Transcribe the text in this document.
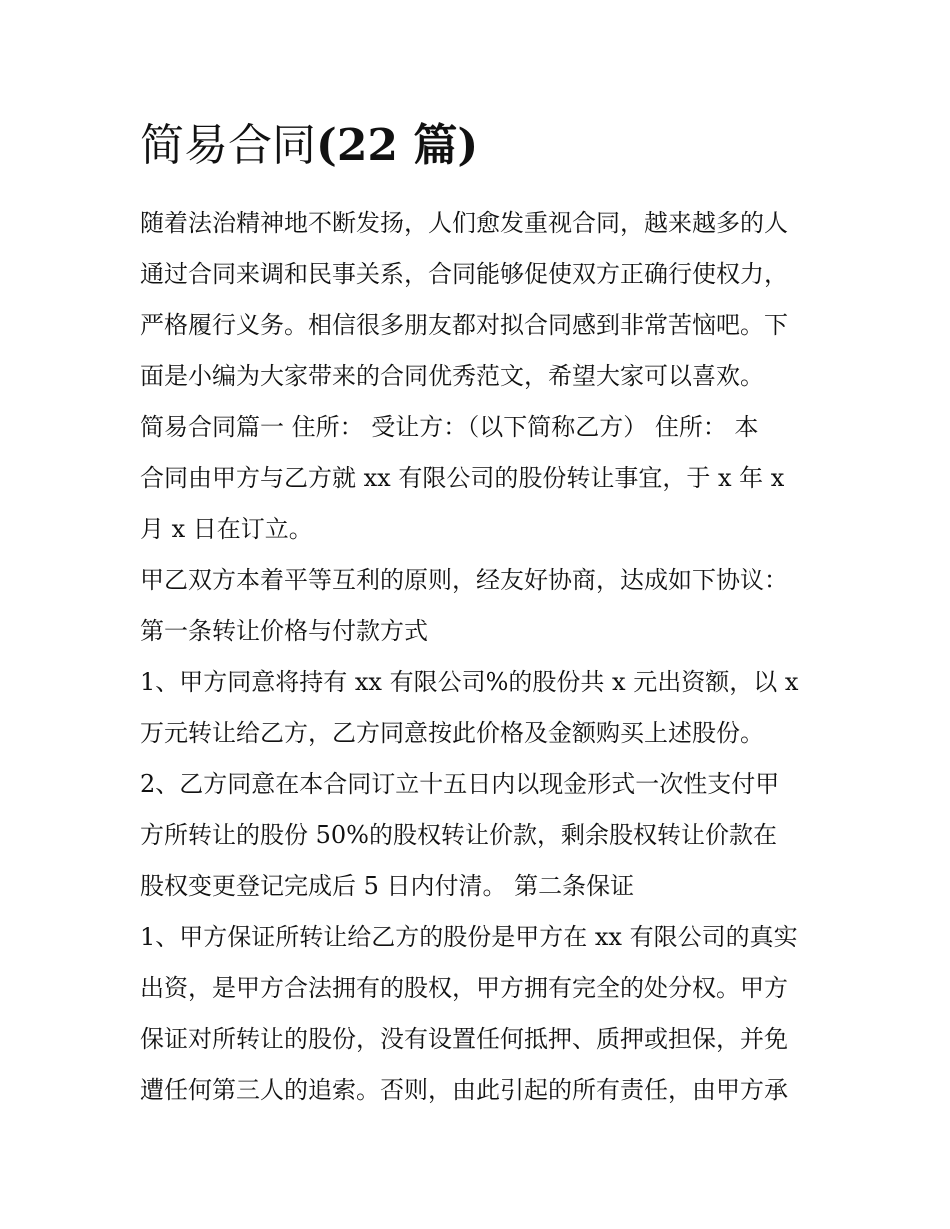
简易合同(22 篇)
随着法治精神地不断发扬，人们愈发重视合同，越来越多的人
通过合同来调和民事关系，合同能够促使双方正确行使权力，
严格履行义务。相信很多朋友都对拟合同感到非常苦恼吧。下
面是小编为大家带来的合同优秀范文，希望大家可以喜欢。
简易合同篇一 住所： 受让方：（以下简称乙方） 住所： 本
合同由甲方与乙方就 xx 有限公司的股份转让事宜，于 x 年 x
月 x 日在订立。
甲乙双方本着平等互利的原则，经友好协商，达成如下协议：
第一条转让价格与付款方式
1、甲方同意将持有 xx 有限公司%的股份共 x 元出资额，以 x
万元转让给乙方，乙方同意按此价格及金额购买上述股份。
2、乙方同意在本合同订立十五日内以现金形式一次性支付甲
方所转让的股份 50%的股权转让价款，剩余股权转让价款在
股权变更登记完成后 5 日内付清。 第二条保证
1、甲方保证所转让给乙方的股份是甲方在 xx 有限公司的真实
出资，是甲方合法拥有的股权，甲方拥有完全的处分权。甲方
保证对所转让的股份，没有设置任何抵押、质押或担保，并免
遭任何第三人的追索。否则，由此引起的所有责任，由甲方承
